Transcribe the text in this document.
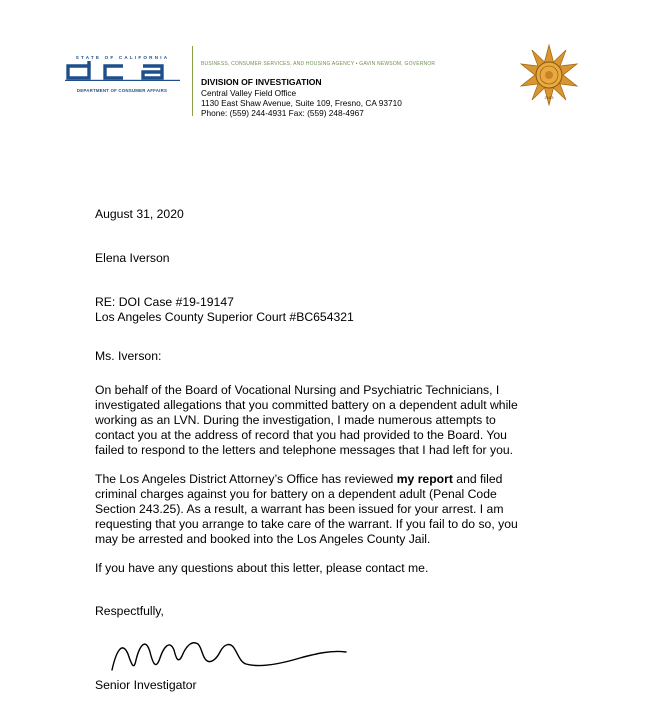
STATE OF CALIFORNIA
DEPARTMENT OF CONSUMER AFFAIRS
BUSINESS, CONSUMER SERVICES, AND HOUSING AGENCY • GAVIN NEWSOM, GOVERNOR
DIVISION OF INVESTIGATION
Central Valley Field Office
1130 East Shaw Avenue, Suite 109, Fresno, CA 93710
Phone: (559) 244-4931 Fax: (559) 248-4967
2163
August 31, 2020
Elena Iverson
RE: DOI Case #19-19147
Los Angeles County Superior Court #BC654321
Ms. Iverson:
On behalf of the Board of Vocational Nursing and Psychiatric Technicians, I
investigated allegations that you committed battery on a dependent adult while
working as an LVN. During the investigation, I made numerous attempts to
contact you at the address of record that you had provided to the Board. You
failed to respond to the letters and telephone messages that I had left for you.
The Los Angeles District Attorney’s Office has reviewed my report and filed
criminal charges against you for battery on a dependent adult (Penal Code
Section 243.25). As a result, a warrant has been issued for your arrest. I am
requesting that you arrange to take care of the warrant. If you fail to do so, you
may be arrested and booked into the Los Angeles County Jail.
If you have any questions about this letter, please contact me.
Respectfully,
Senior Investigator
